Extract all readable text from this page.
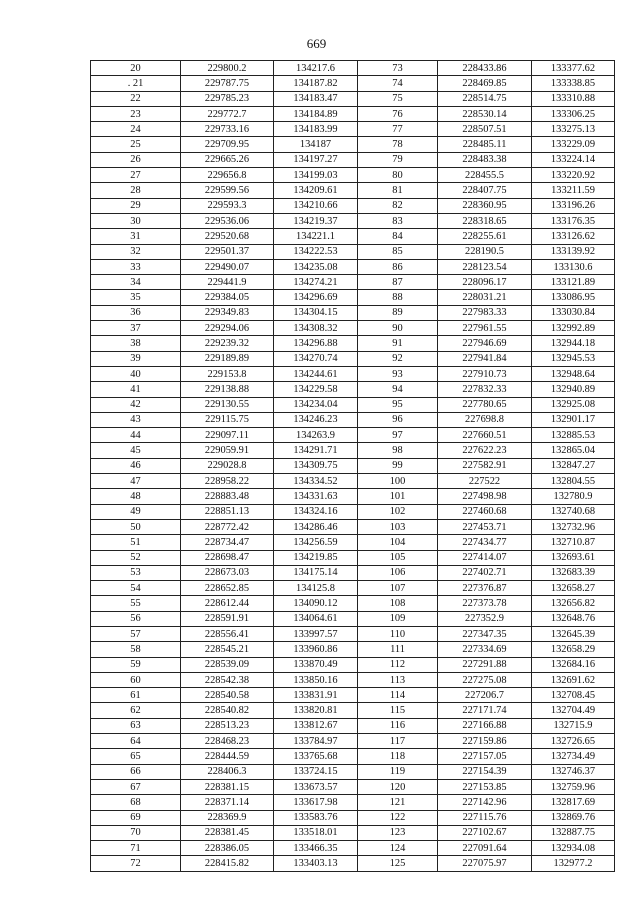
669
20	229800.2	134217.6	73	228433.86	133377.62
. 21	229787.75	134187.82	74	228469.85	133338.85
22	229785.23	134183.47	75	228514.75	133310.88
23	229772.7	134184.89	76	228530.14	133306.25
24	229733.16	134183.99	77	228507.51	133275.13
25	229709.95	134187	78	228485.11	133229.09
26	229665.26	134197.27	79	228483.38	133224.14
27	229656.8	134199.03	80	228455.5	133220.92
28	229599.56	134209.61	81	228407.75	133211.59
29	229593.3	134210.66	82	228360.95	133196.26
30	229536.06	134219.37	83	228318.65	133176.35
31	229520.68	134221.1	84	228255.61	133126.62
32	229501.37	134222.53	85	228190.5	133139.92
33	229490.07	134235.08	86	228123.54	133130.6
34	229441.9	134274.21	87	228096.17	133121.89
35	229384.05	134296.69	88	228031.21	133086.95
36	229349.83	134304.15	89	227983.33	133030.84
37	229294.06	134308.32	90	227961.55	132992.89
38	229239.32	134296.88	91	227946.69	132944.18
39	229189.89	134270.74	92	227941.84	132945.53
40	229153.8	134244.61	93	227910.73	132948.64
41	229138.88	134229.58	94	227832.33	132940.89
42	229130.55	134234.04	95	227780.65	132925.08
43	229115.75	134246.23	96	227698.8	132901.17
44	229097.11	134263.9	97	227660.51	132885.53
45	229059.91	134291.71	98	227622.23	132865.04
46	229028.8	134309.75	99	227582.91	132847.27
47	228958.22	134334.52	100	227522	132804.55
48	228883.48	134331.63	101	227498.98	132780.9
49	228851.13	134324.16	102	227460.68	132740.68
50	228772.42	134286.46	103	227453.71	132732.96
51	228734.47	134256.59	104	227434.77	132710.87
52	228698.47	134219.85	105	227414.07	132693.61
53	228673.03	134175.14	106	227402.71	132683.39
54	228652.85	134125.8	107	227376.87	132658.27
55	228612.44	134090.12	108	227373.78	132656.82
56	228591.91	134064.61	109	227352.9	132648.76
57	228556.41	133997.57	110	227347.35	132645.39
58	228545.21	133960.86	111	227334.69	132658.29
59	228539.09	133870.49	112	227291.88	132684.16
60	228542.38	133850.16	113	227275.08	132691.62
61	228540.58	133831.91	114	227206.7	132708.45
62	228540.82	133820.81	115	227171.74	132704.49
63	228513.23	133812.67	116	227166.88	132715.9
64	228468.23	133784.97	117	227159.86	132726.65
65	228444.59	133765.68	118	227157.05	132734.49
66	228406.3	133724.15	119	227154.39	132746.37
67	228381.15	133673.57	120	227153.85	132759.96
68	228371.14	133617.98	121	227142.96	132817.69
69	228369.9	133583.76	122	227115.76	132869.76
70	228381.45	133518.01	123	227102.67	132887.75
71	228386.05	133466.35	124	227091.64	132934.08
72	228415.82	133403.13	125	227075.97	132977.2
